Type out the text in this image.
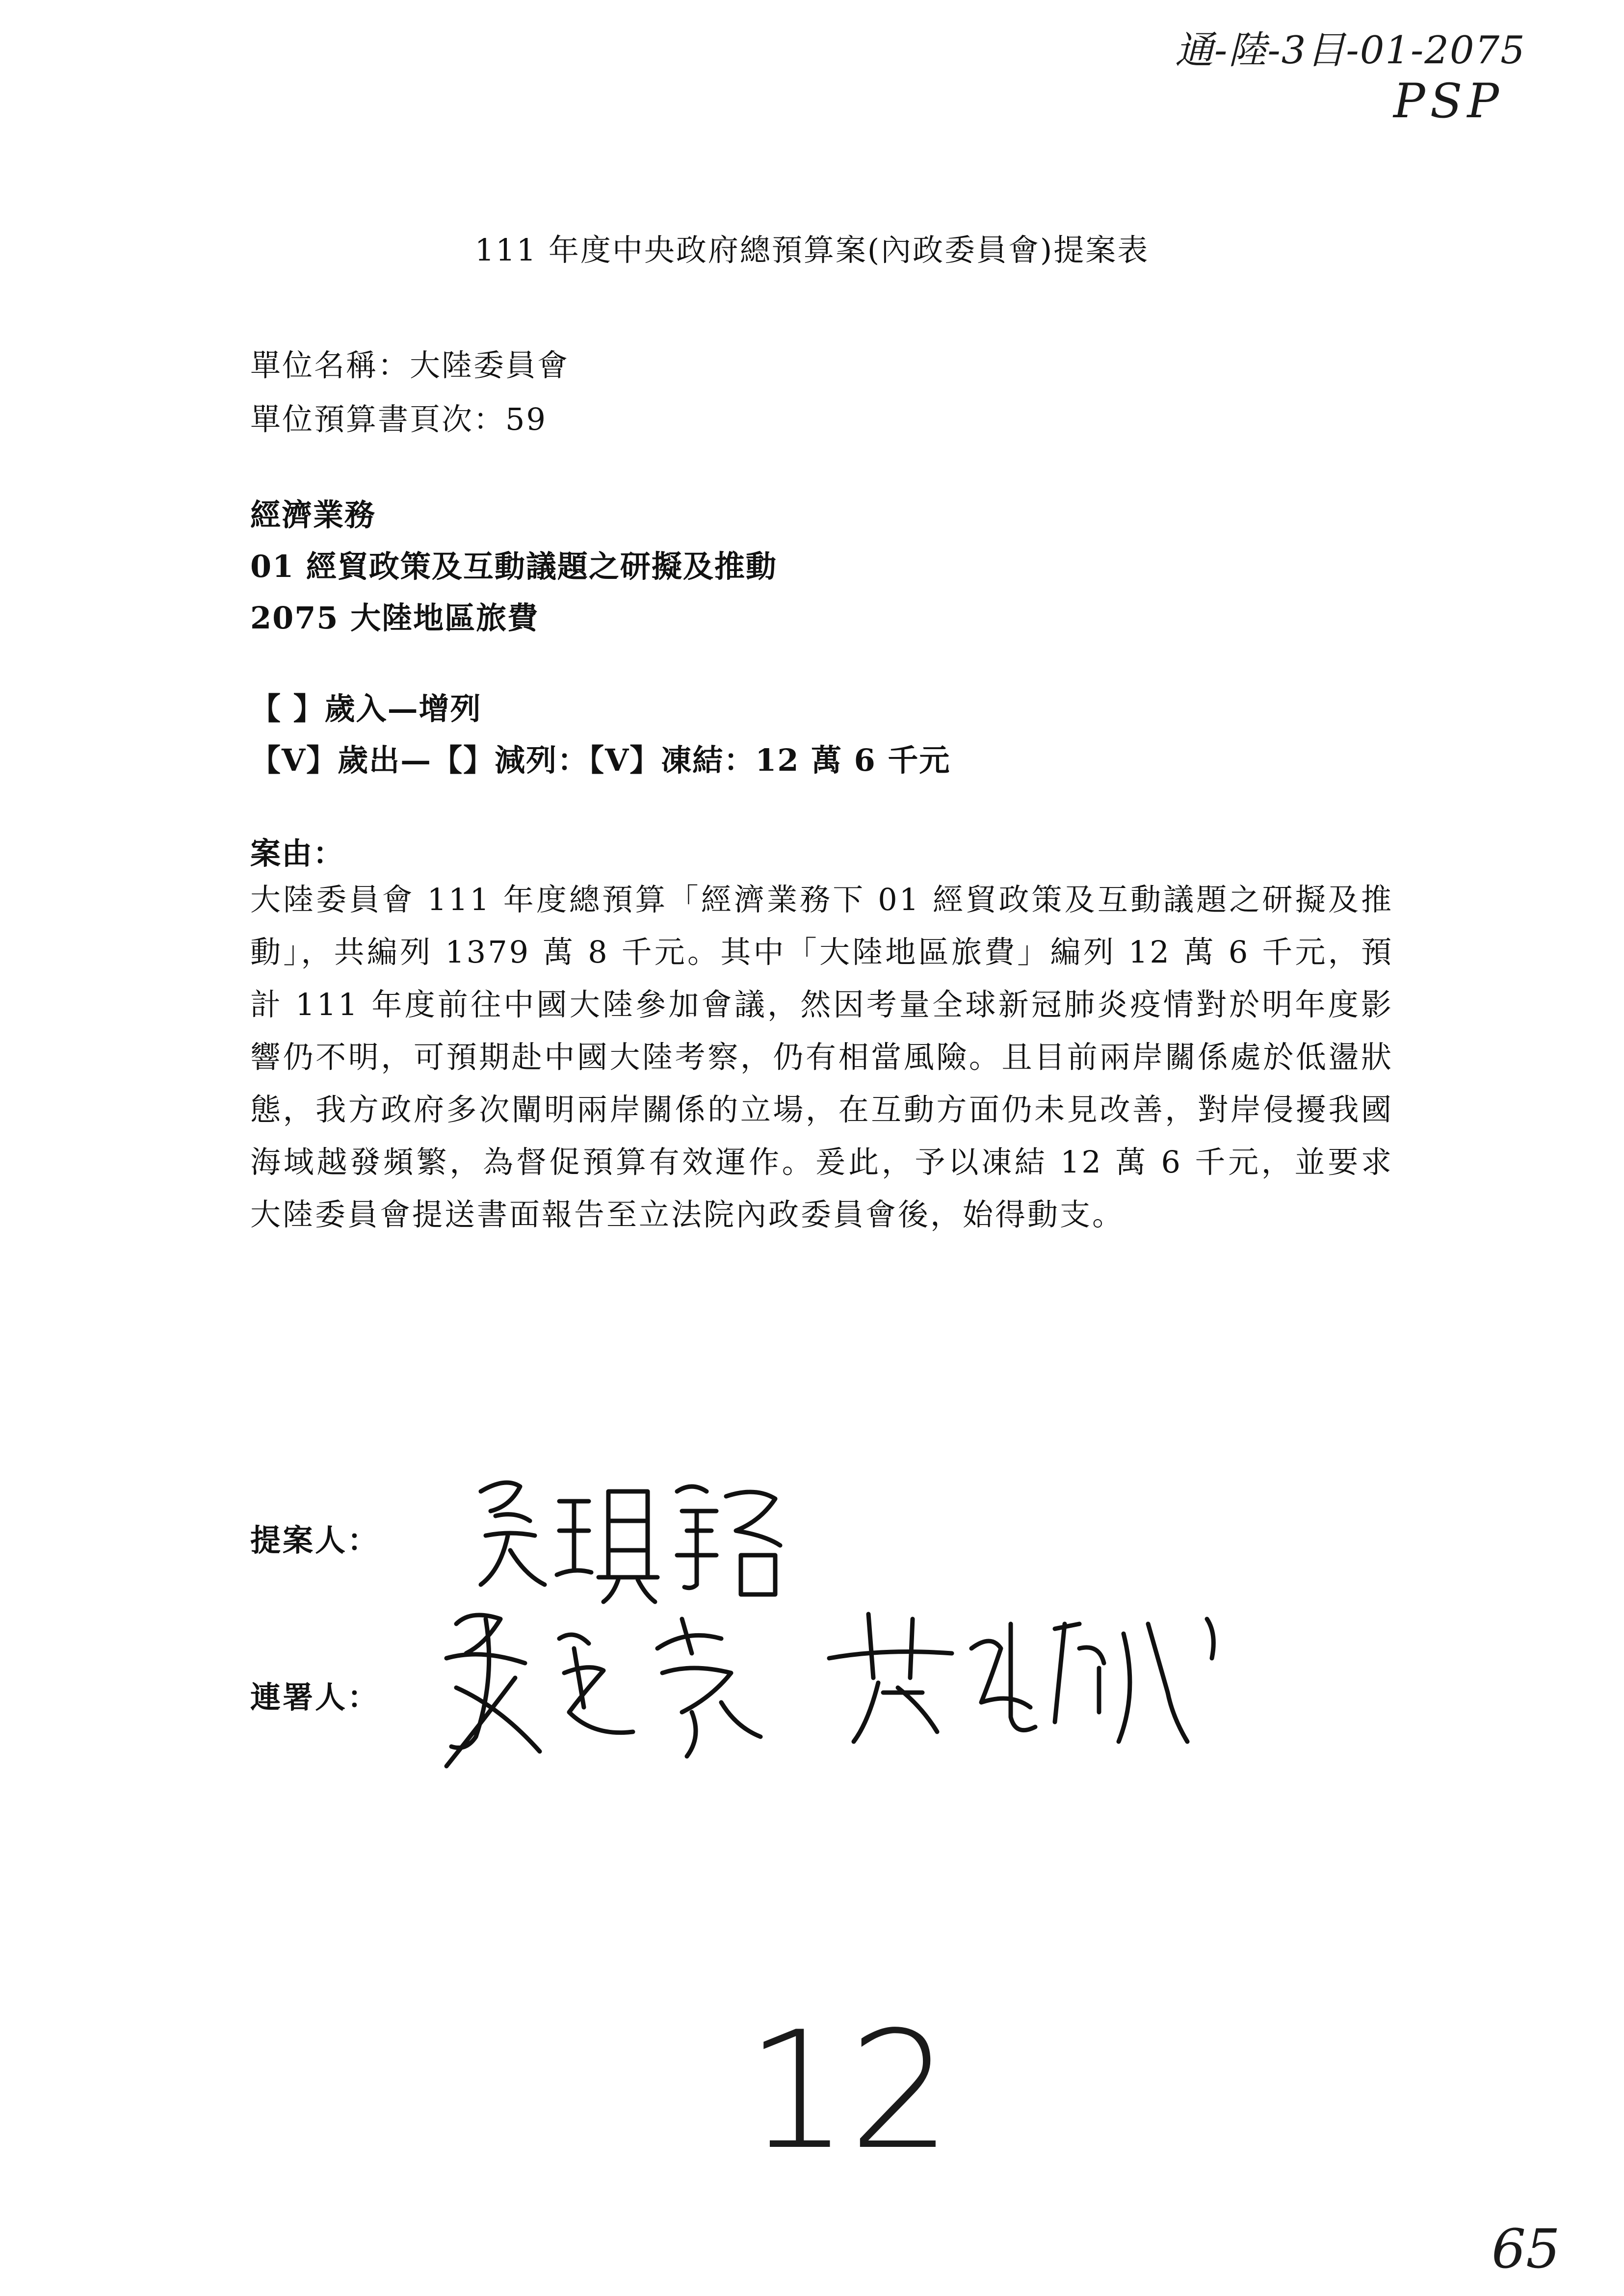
通-陸-3目-01-2075
PSP
111 年度中央政府總預算案(內政委員會)提案表
單位名稱：大陸委員會
單位預算書頁次：59
經濟業務
01 經貿政策及互動議題之研擬及推動
2075 大陸地區旅費
【 】歲入—增列
【V】歲出—【】減列：【V】凍結：12 萬 6 千元
案由：
大陸委員會 111 年度總預算「經濟業務下 01 經貿政策及互動議題之研擬及推動」，共編列 1379 萬 8 千元。其中「大陸地區旅費」編列 12 萬 6 千元，預計 111 年度前往中國大陸參加會議，然因考量全球新冠肺炎疫情對於明年度影響仍不明，可預期赴中國大陸考察，仍有相當風險。且目前兩岸關係處於低盪狀態，我方政府多次闡明兩岸關係的立場，在互動方面仍未見改善，對岸侵擾我國海域越發頻繁，為督促預算有效運作。爰此，予以凍結 12 萬 6 千元，並要求大陸委員會提送書面報告至立法院內政委員會後，始得動支。
提案人：
連署人：
12
65
